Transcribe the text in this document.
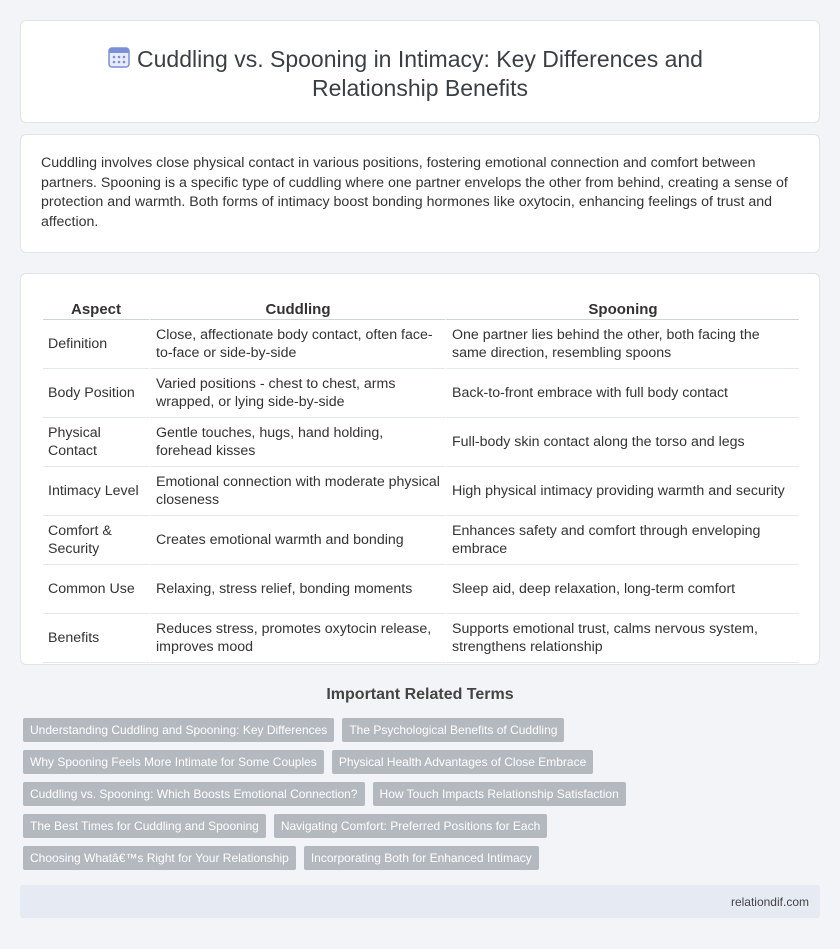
Cuddling vs. Spooning in Intimacy: Key Differences and
Relationship Benefits

Cuddling involves close physical contact in various positions, fostering emotional connection and comfort between partners. Spooning is a specific type of cuddling where one partner envelops the other from behind, creating a sense of protection and warmth. Both forms of intimacy boost bonding hormones like oxytocin, enhancing feelings of trust and affection.

Aspect	Cuddling	Spooning
Definition	Close, affectionate body contact, often face-to-face or side-by-side	One partner lies behind the other, both facing the same direction, resembling spoons
Body Position	Varied positions - chest to chest, arms wrapped, or lying side-by-side	Back-to-front embrace with full body contact
Physical Contact	Gentle touches, hugs, hand holding, forehead kisses	Full-body skin contact along the torso and legs
Intimacy Level	Emotional connection with moderate physical closeness	High physical intimacy providing warmth and security
Comfort & Security	Creates emotional warmth and bonding	Enhances safety and comfort through enveloping embrace
Common Use	Relaxing, stress relief, bonding moments	Sleep aid, deep relaxation, long-term comfort
Benefits	Reduces stress, promotes oxytocin release, improves mood	Supports emotional trust, calms nervous system, strengthens relationship
Important Related Terms
Understanding Cuddling and Spooning: Key Differences	The Psychological Benefits of Cuddling
Why Spooning Feels More Intimate for Some Couples	Physical Health Advantages of Close Embrace
Cuddling vs. Spooning: Which Boosts Emotional Connection?	How Touch Impacts Relationship Satisfaction
The Best Times for Cuddling and Spooning	Navigating Comfort: Preferred Positions for Each
Choosing Whatâ€™s Right for Your Relationship	Incorporating Both for Enhanced Intimacy
relationdif.com
